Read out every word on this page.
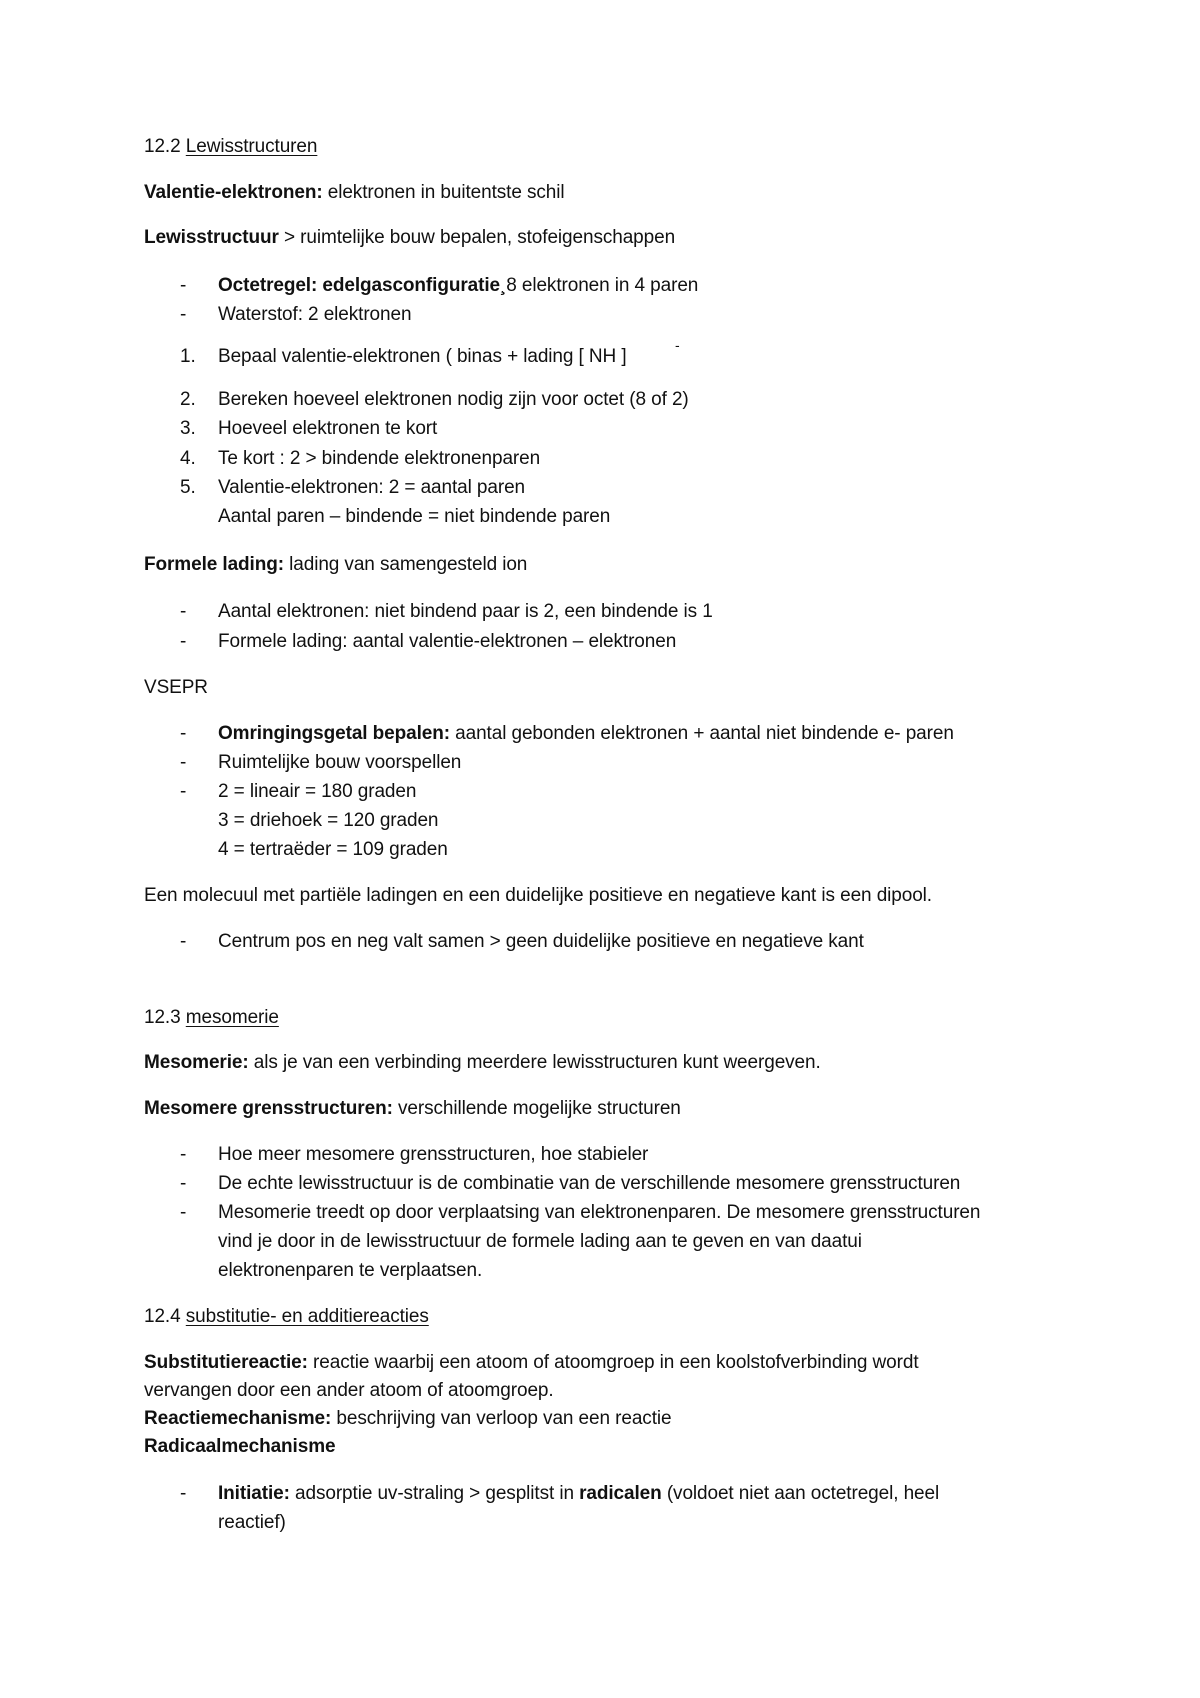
12.2 Lewisstructuren
Valentie-elektronen: elektronen in buitentste schil
Lewisstructuur > ruimtelijke bouw bepalen, stofeigenschappen
- Octetregel: edelgasconfiguratie¸8 elektronen in 4 paren
- Waterstof: 2 elektronen
1. Bepaal valentie-elektronen ( binas + lading [ NH ]
-
2. Bereken hoeveel elektronen nodig zijn voor octet (8 of 2)
3. Hoeveel elektronen te kort
4. Te kort : 2 > bindende elektronenparen
5. Valentie-elektronen: 2 = aantal paren
Aantal paren – bindende = niet bindende paren
Formele lading: lading van samengesteld ion
- Aantal elektronen: niet bindend paar is 2, een bindende is 1
- Formele lading: aantal valentie-elektronen – elektronen
VSEPR
- Omringingsgetal bepalen: aantal gebonden elektronen + aantal niet bindende e- paren
- Ruimtelijke bouw voorspellen
- 2 = lineair = 180 graden
3 = driehoek = 120 graden
4 = tertraëder = 109 graden
Een molecuul met partiële ladingen en een duidelijke positieve en negatieve kant is een dipool.
- Centrum pos en neg valt samen > geen duidelijke positieve en negatieve kant
12.3 mesomerie
Mesomerie: als je van een verbinding meerdere lewisstructuren kunt weergeven.
Mesomere grensstructuren: verschillende mogelijke structuren
- Hoe meer mesomere grensstructuren, hoe stabieler
- De echte lewisstructuur is de combinatie van de verschillende mesomere grensstructuren
- Mesomerie treedt op door verplaatsing van elektronenparen. De mesomere grensstructuren
vind je door in de lewisstructuur de formele lading aan te geven en van daatui
elektronenparen te verplaatsen.
12.4 substitutie- en additiereacties
Substitutiereactie: reactie waarbij een atoom of atoomgroep in een koolstofverbinding wordt
vervangen door een ander atoom of atoomgroep.
Reactiemechanisme: beschrijving van verloop van een reactie
Radicaalmechanisme
- Initiatie: adsorptie uv-straling > gesplitst in radicalen (voldoet niet aan octetregel, heel
reactief)
